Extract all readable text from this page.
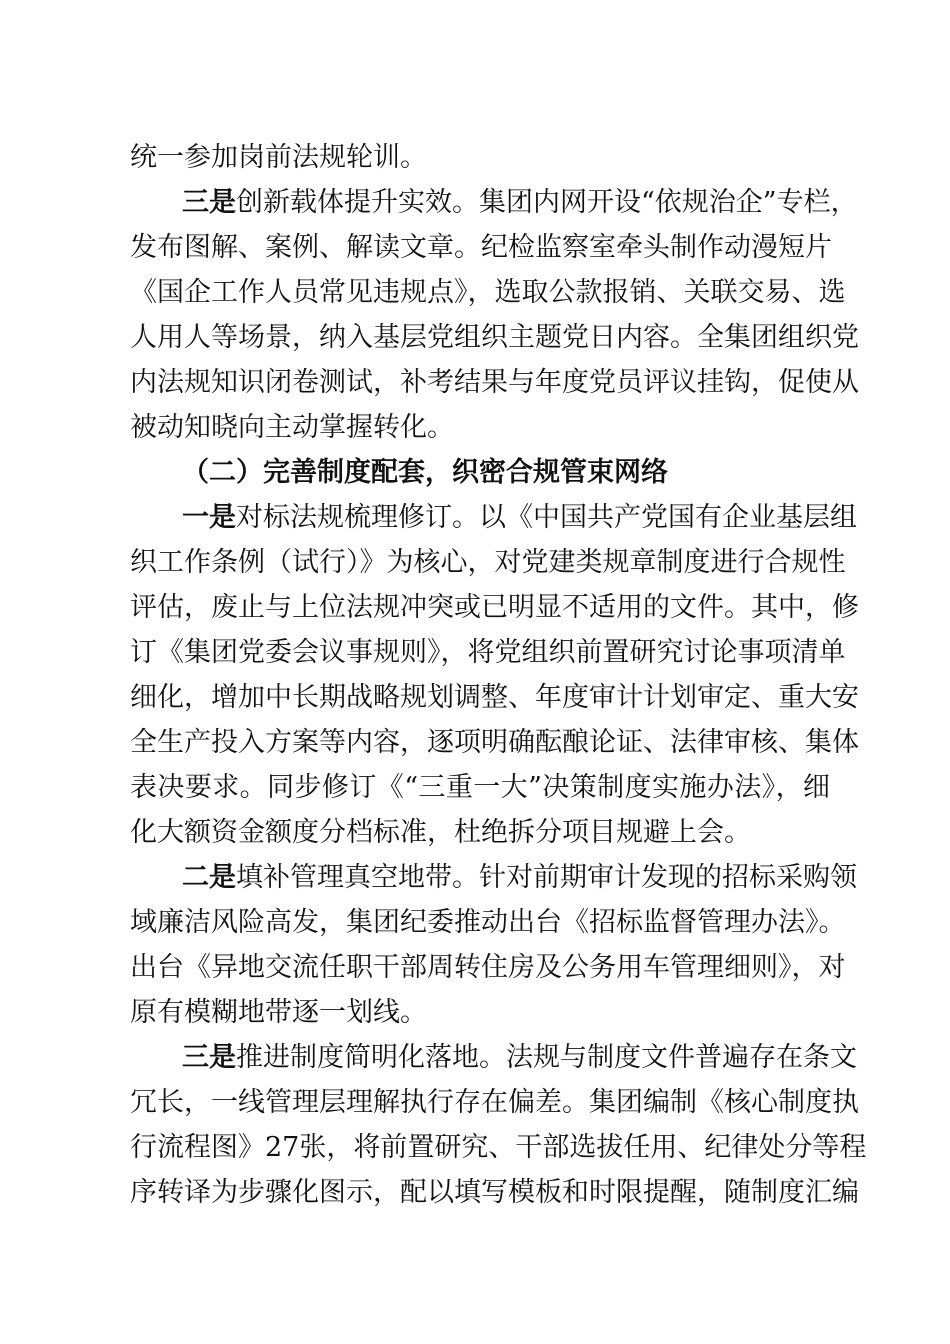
统一参加岗前法规轮训。
三是创新载体提升实效。集团内网开设“依规治企”专栏，
发布图解、案例、解读文章。纪检监察室牵头制作动漫短片
《国企工作人员常见违规点》，选取公款报销、关联交易、选
人用人等场景，纳入基层党组织主题党日内容。全集团组织党
内法规知识闭卷测试，补考结果与年度党员评议挂钩，促使从
被动知晓向主动掌握转化。
（二）完善制度配套，织密合规管束网络
一是对标法规梳理修订。以《中国共产党国有企业基层组
织工作条例（试行）》为核心，对党建类规章制度进行合规性
评估，废止与上位法规冲突或已明显不适用的文件。其中，修
订《集团党委会议事规则》，将党组织前置研究讨论事项清单
细化，增加中长期战略规划调整、年度审计计划审定、重大安
全生产投入方案等内容，逐项明确酝酿论证、法律审核、集体
表决要求。同步修订《“三重一大”决策制度实施办法》，细
化大额资金额度分档标准，杜绝拆分项目规避上会。
二是填补管理真空地带。针对前期审计发现的招标采购领
域廉洁风险高发，集团纪委推动出台《招标监督管理办法》。
出台《异地交流任职干部周转住房及公务用车管理细则》，对
原有模糊地带逐一划线。
三是推进制度简明化落地。法规与制度文件普遍存在条文
冗长，一线管理层理解执行存在偏差。集团编制《核心制度执
行流程图》27张，将前置研究、干部选拔任用、纪律处分等程
序转译为步骤化图示，配以填写模板和时限提醒，随制度汇编
